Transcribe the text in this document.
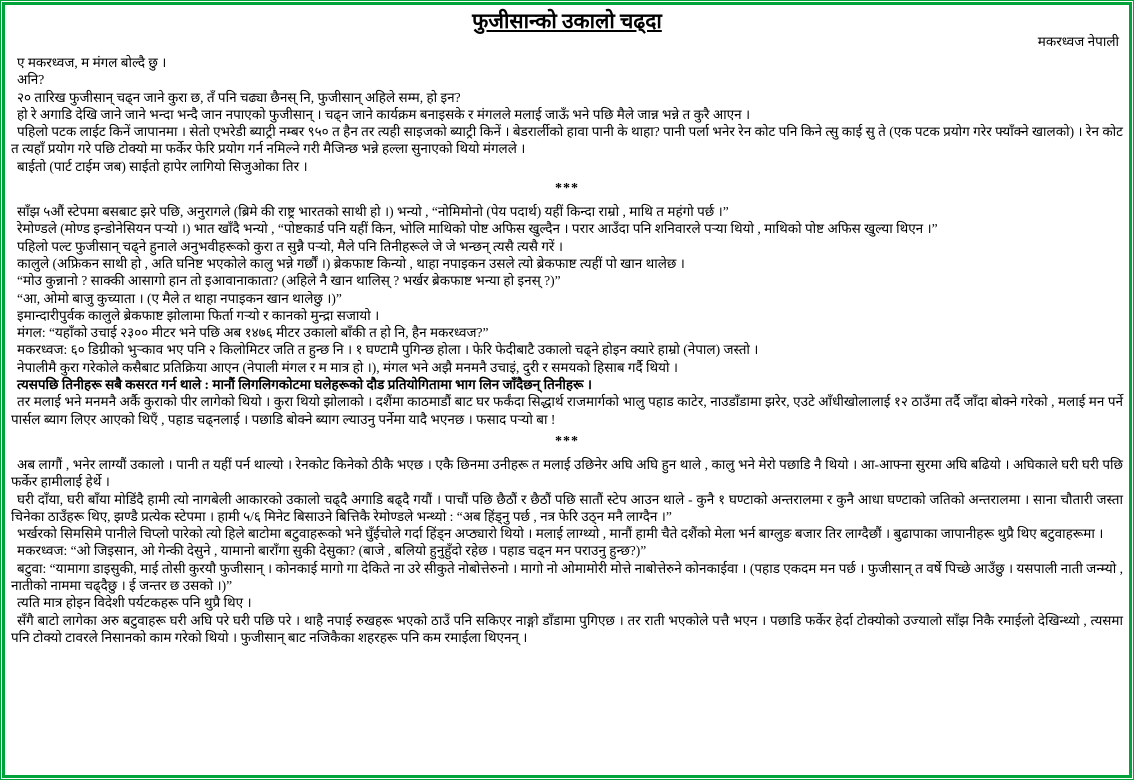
फुजीसान्को उकालो चढ्दा
मकरध्वज नेपाली
ए मकरध्वज, म मंगल बोल्दै छु ।
अनि?
२० तारिख फुजीसान् चढ्न जाने कुरा छ, तँ पनि चढ्या छैनस् नि, फुजीसान् अहिले सम्म, हो इन?
हो रे अगाडि देखि जाने जाने भन्दा भन्दै जान नपाएको फुजीसान् । चढ्न जाने कार्यक्रम बनाइसके र मंगलले मलाई जाऊँ भने पछि मैले जान्न भन्ने त कुरै आएन ।
पहिलो पटक लाईट किनें जापानमा । सेतो एभरेडी ब्याट्री नम्बर ९५० त हैन तर त्यही साइजको ब्याट्री किनें । बेडरार्लीको हावा पानी के थाहा? पानी पर्ला भनेर रेन कोट पनि किने त्सु काई सु ते (एक पटक प्रयोग गरेर फ्याँक्ने खालको) । रेन कोट त त्यहाँ प्रयोग गरे पछि टोक्यो मा फर्केर फेरि प्रयोग गर्न नमिल्ने गरी मैजिन्छ भन्ने हल्ला सुनाएको थियो मंगलले ।
बाईतो (पार्ट टाईम जब) साईतो हापेर लागियो सिजुओका तिर ।
***
साँझ ५औं स्टेपमा बसबाट झरे पछि, अनुरागले (ब्रिमे की राष्ट्र भारतको साथी हो ।) भन्यो , “नोमिमोनो (पेय पदार्थ) यहीं किन्दा राम्रो , माथि त महंगो पर्छ ।”
रेमोण्डले (मोण्ड इन्डोनेसियन पऱ्यो ।) भात खाँदै भन्यो , “पोष्टकार्ड पनि यहीं किन, भोलि माथिको पोष्ट अफिस खुल्दैन । परार आउँदा पनि शनिवारले पऱ्या थियो , माथिको पोष्ट अफिस खुल्या थिएन ।”
पहिलो पल्ट फुजीसान् चढ्ने हुनाले अनुभवीहरूको कुरा त सुन्नै पऱ्यो, मैले पनि तिनीहरूले जे जे भन्छन् त्यसै त्यसै गरें ।
कालुले (अफ्रिकन साथी हो , अति घनिष्ट भएकोले कालु भन्ने गर्छौं ।) ब्रेकफाष्ट किन्यो , थाहा नपाइकन उसले त्यो ब्रेकफाष्ट त्यहीं पो खान थालेछ ।
“मोउ कुन्नानो ? साक्की आसागो हान तो इआवानाकाता? (अहिले नै खान थालिस् ? भर्खर ब्रेकफाष्ट भन्या हो इनस् ?)”
“आ, ओमो बाजु कुच्याता । (ए मैले त थाहा नपाइकन खान थालेछु ।)”
इमान्दारीपुर्वक कालुले ब्रेकफाष्ट झोलामा फिर्ता गऱ्यो र कानको मुन्द्रा सजायो ।
मंगल: “यहाँको उचाई २३०० मीटर भने पछि अब १४७६ मीटर उकालो बाँकी त हो नि, हैन मकरध्वज?”
मकरध्वज: ६० डिग्रीको भुऱ्काव भए पनि २ किलोमिटर जति त हुन्छ नि । १ घण्टामै पुगिन्छ होला । फेरि फेदीबाटै उकालो चढ्ने होइन क्यारे हाम्रो (नेपाल) जस्तो ।
नेपालीमै कुरा गरेकोले कसैबाट प्रतिक्रिया आएन (नेपाली मंगल र म मात्र हो ।), मंगल भने अझै मनमनै उचाइं, दुरी र समयको हिसाब गर्दै थियो ।
त्यसपछि तिनीहरू सबै कसरत गर्न थाले : मानौं लिगलिगकोटमा घलेहरूको दौड प्रतियोगितामा भाग लिन जाँदैछन् तिनीहरू ।
तर मलाई भने मनमनै अर्कै कुराको पीर लागेको थियो । कुरा थियो झोलाको । दशैंमा काठमाडौं बाट घर फर्कंदा सिद्धार्थ राजमार्गको भालु पहाड काटेर, नाउडाँडामा झरेर, एउटे आँधीखोलालाई १२ ठाउँमा तर्दै जाँदा बोक्ने गरेको , मलाई मन पर्ने पार्सल ब्याग लिएर आएको थिएँ , पहाड चढ्नलाई । पछाडि बोक्ने ब्याग ल्याउनु पर्नेमा यादै भएनछ । फसाद पऱ्यो बा !
***
अब लागौं , भनेर लाग्यौं उकालो । पानी त यहीं पर्न थाल्यो । रेनकोट किनेको ठीकै भएछ । एकै छिनमा उनीहरू त मलाई उछिनेर अघि अघि हुन थाले , कालु भने मेरो पछाडि नै थियो । आ-आफ्ना सुरमा अघि बढियो । अघिकाले घरी घरी पछि फर्केर हामीलाई हेर्थे ।
घरी दाँया, घरी बाँया मोडिंदै हामी त्यो नागबेली आकारको उकालो चढ्दै अगाडि बढ्दै गयौं । पाचौं पछि छैठौं र छैठौं पछि सातौं स्टेप आउन थाले - कुनै १ घण्टाको अन्तरालमा र कुनै आधा घण्टाको जतिको अन्तरालमा । साना चौतारी जस्ता चिनेका ठाउँहरू थिए, झण्डै प्रत्येक स्टेपमा । हामी ५/६ मिनेट बिसाउने बित्तिकै रेमोण्डले भन्थ्यो : “अब हिंड्नु पर्छ , नत्र फेरि उठ्न मनै लाग्दैन ।”
भर्खरको सिमसिमे पानीले चिप्लो पारेको त्यो हिले बाटोमा बटुवाहरूको भने घुँईचोले गर्दा हिंड्न अप्ठ्यारो थियो । मलाई लाग्थ्यो , मानौं हामी चैते दशैंको मेला भर्न बाग्लुङ बजार तिर लाग्दैछौं । बुढापाका जापानीहरू थुप्रै थिए बटुवाहरूमा ।
मकरध्वज: “ओ जिइसान, ओ गेन्की देसुने , यामानो बाराँगा सुकी देसुका? (बाजे , बलियो हुनुहुँदो रहेछ । पहाड चढ्न मन पराउनु हुन्छ?)”
बटुवा: “यामागा डाइसुकी, माई तोसी कुरयौ फुजीसान् । कोनकाई मागो गा देकिते ना उरे सीकुते नोबोत्तेरुनो । मागो नो ओमामोरी मोत्ते नाबोत्तेरुने कोनकाईवा । (पहाड एकदम मन पर्छ । फुजीसान् त वर्षे पिच्छे आउँछु । यसपाली नाती जन्म्यो , नातीको नाममा चढ्दैछु । ई जन्तर छ उसको ।)”
त्यति मात्र होइन विदेशी पर्यटकहरू पनि थुप्रै थिए ।
सँगै बाटो लागेका अरु बटुवाहरू घरी अघि परे घरी पछि परे । थाहै नपाई रुखहरू भएको ठाउँ पनि सकिएर नाङ्गो डाँडामा पुगिएछ । तर राती भएकोले पत्तै भएन । पछाडि फर्केर हेर्दा टोक्योको उज्यालो साँझ निकै रमाईलो देखिन्थ्यो , त्यसमा पनि टोक्यो टावरले निसानको काम गरेको थियो । फुजीसान् बाट नजिकैका शहरहरू पनि कम रमाईला थिएनन् ।
